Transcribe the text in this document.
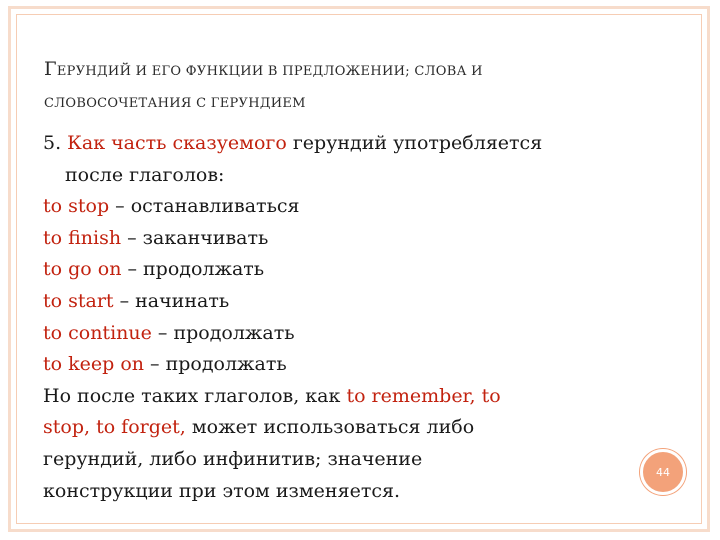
ГЕРУНДИЙ И ЕГО ФУНКЦИИ В ПРЕДЛОЖЕНИИ; СЛОВА И
СЛОВОСОЧЕТАНИЯ С ГЕРУНДИЕМ
5. Как часть сказуемого герундий употребляется
после глаголов:
to stop – останавливаться
to finish – заканчивать
to go on – продолжать
to start – начинать
to continue – продолжать
to keep on – продолжать
Но после таких глаголов, как to remember, to
stop, to forget, может использоваться либо
герундий, либо инфинитив; значение
конструкции при этом изменяется.
44
